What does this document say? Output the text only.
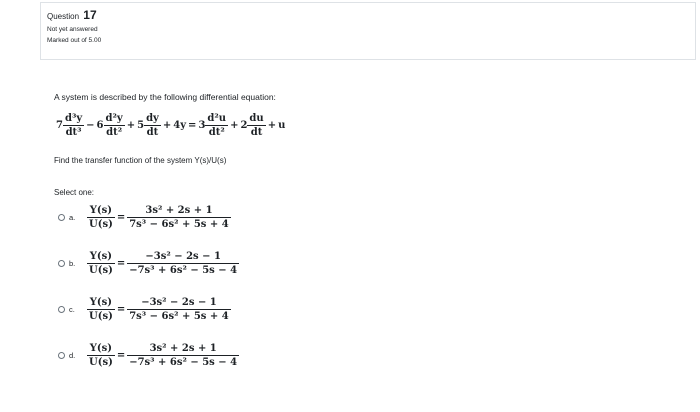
Question 17
Not yet answered
Marked out of 5.00
A system is described by the following differential equation:
$7 \frac{\text{d³y}}{\text{dt³}} - 6 \frac{\text{d²y}}{\text{dt²}} + 5 \frac{dy}{dt} + 4y = 3 \frac{\text{d²u}}{\text{dt²}} + 2 \frac{du}{dt} + u$
Find the transfer function of the system Y(s)/U(s)
Select one:
a.	$\frac{Y(s)}{U(s)} = \frac{\text{3s² + 2s + 1}}{\text{7s³ − 6s² + 5s + 4}}$
b.	$\frac{Y(s)}{U(s)} = \frac{\text{−3s² − 2s − 1}}{\text{−7s³ + 6s² − 5s − 4}}$
c.	$\frac{Y(s)}{U(s)} = \frac{\text{−3s² − 2s − 1}}{\text{7s³ − 6s² + 5s + 4}}$
d.	$\frac{Y(s)}{U(s)} = \frac{\text{3s² + 2s + 1}}{\text{−7s³ + 6s² − 5s − 4}}$
